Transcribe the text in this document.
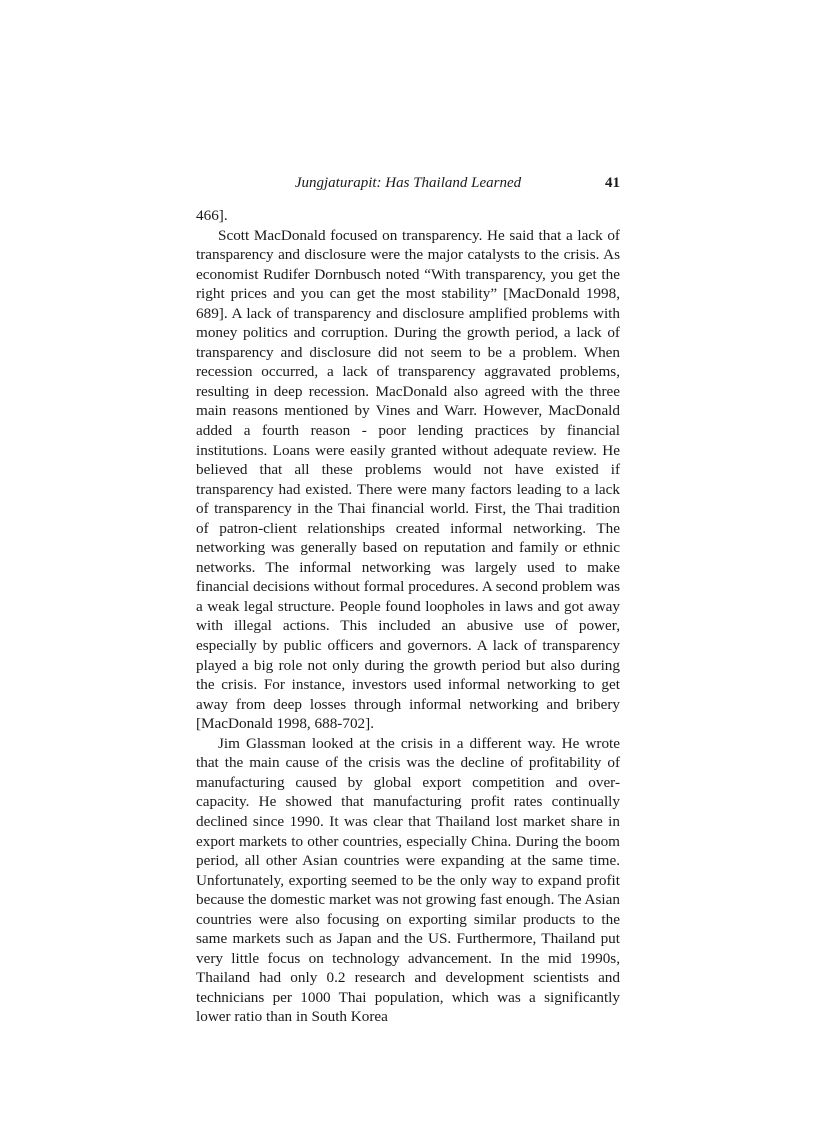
Jungjaturapit: Has Thailand Learned	41

466].

Scott MacDonald focused on transparency. He said that a lack of transparency and disclosure were the major catalysts to the crisis. As economist Rudifer Dornbusch noted “With transparency, you get the right prices and you can get the most stability” [MacDonald 1998, 689]. A lack of transparency and disclosure amplified problems with money politics and corruption. During the growth period, a lack of transparency and disclosure did not seem to be a problem. When recession occurred, a lack of transparency aggravated problems, resulting in deep recession. MacDonald also agreed with the three main reasons mentioned by Vines and Warr. However, MacDonald added a fourth reason - poor lending practices by financial institutions. Loans were easily granted without adequate review. He believed that all these problems would not have existed if transparency had existed. There were many factors leading to a lack of transparency in the Thai financial world. First, the Thai tradition of patron-client relationships created informal networking. The networking was generally based on reputation and family or ethnic networks. The informal networking was largely used to make financial decisions without formal procedures. A second problem was a weak legal structure. People found loopholes in laws and got away with illegal actions. This included an abusive use of power, especially by public officers and governors. A lack of transparency played a big role not only during the growth period but also during the crisis. For instance, investors used informal networking to get away from deep losses through informal networking and bribery [MacDonald 1998, 688-702].

Jim Glassman looked at the crisis in a different way. He wrote that the main cause of the crisis was the decline of profitability of manufacturing caused by global export competition and over-capacity. He showed that manufacturing profit rates continually declined since 1990. It was clear that Thailand lost market share in export markets to other countries, especially China. During the boom period, all other Asian countries were expanding at the same time. Unfortunately, exporting seemed to be the only way to expand profit because the domestic market was not growing fast enough. The Asian countries were also focusing on exporting similar products to the same markets such as Japan and the US. Furthermore, Thailand put very little focus on technology advancement. In the mid 1990s, Thailand had only 0.2 research and development scientists and technicians per 1000 Thai population, which was a significantly lower ratio than in South Korea
